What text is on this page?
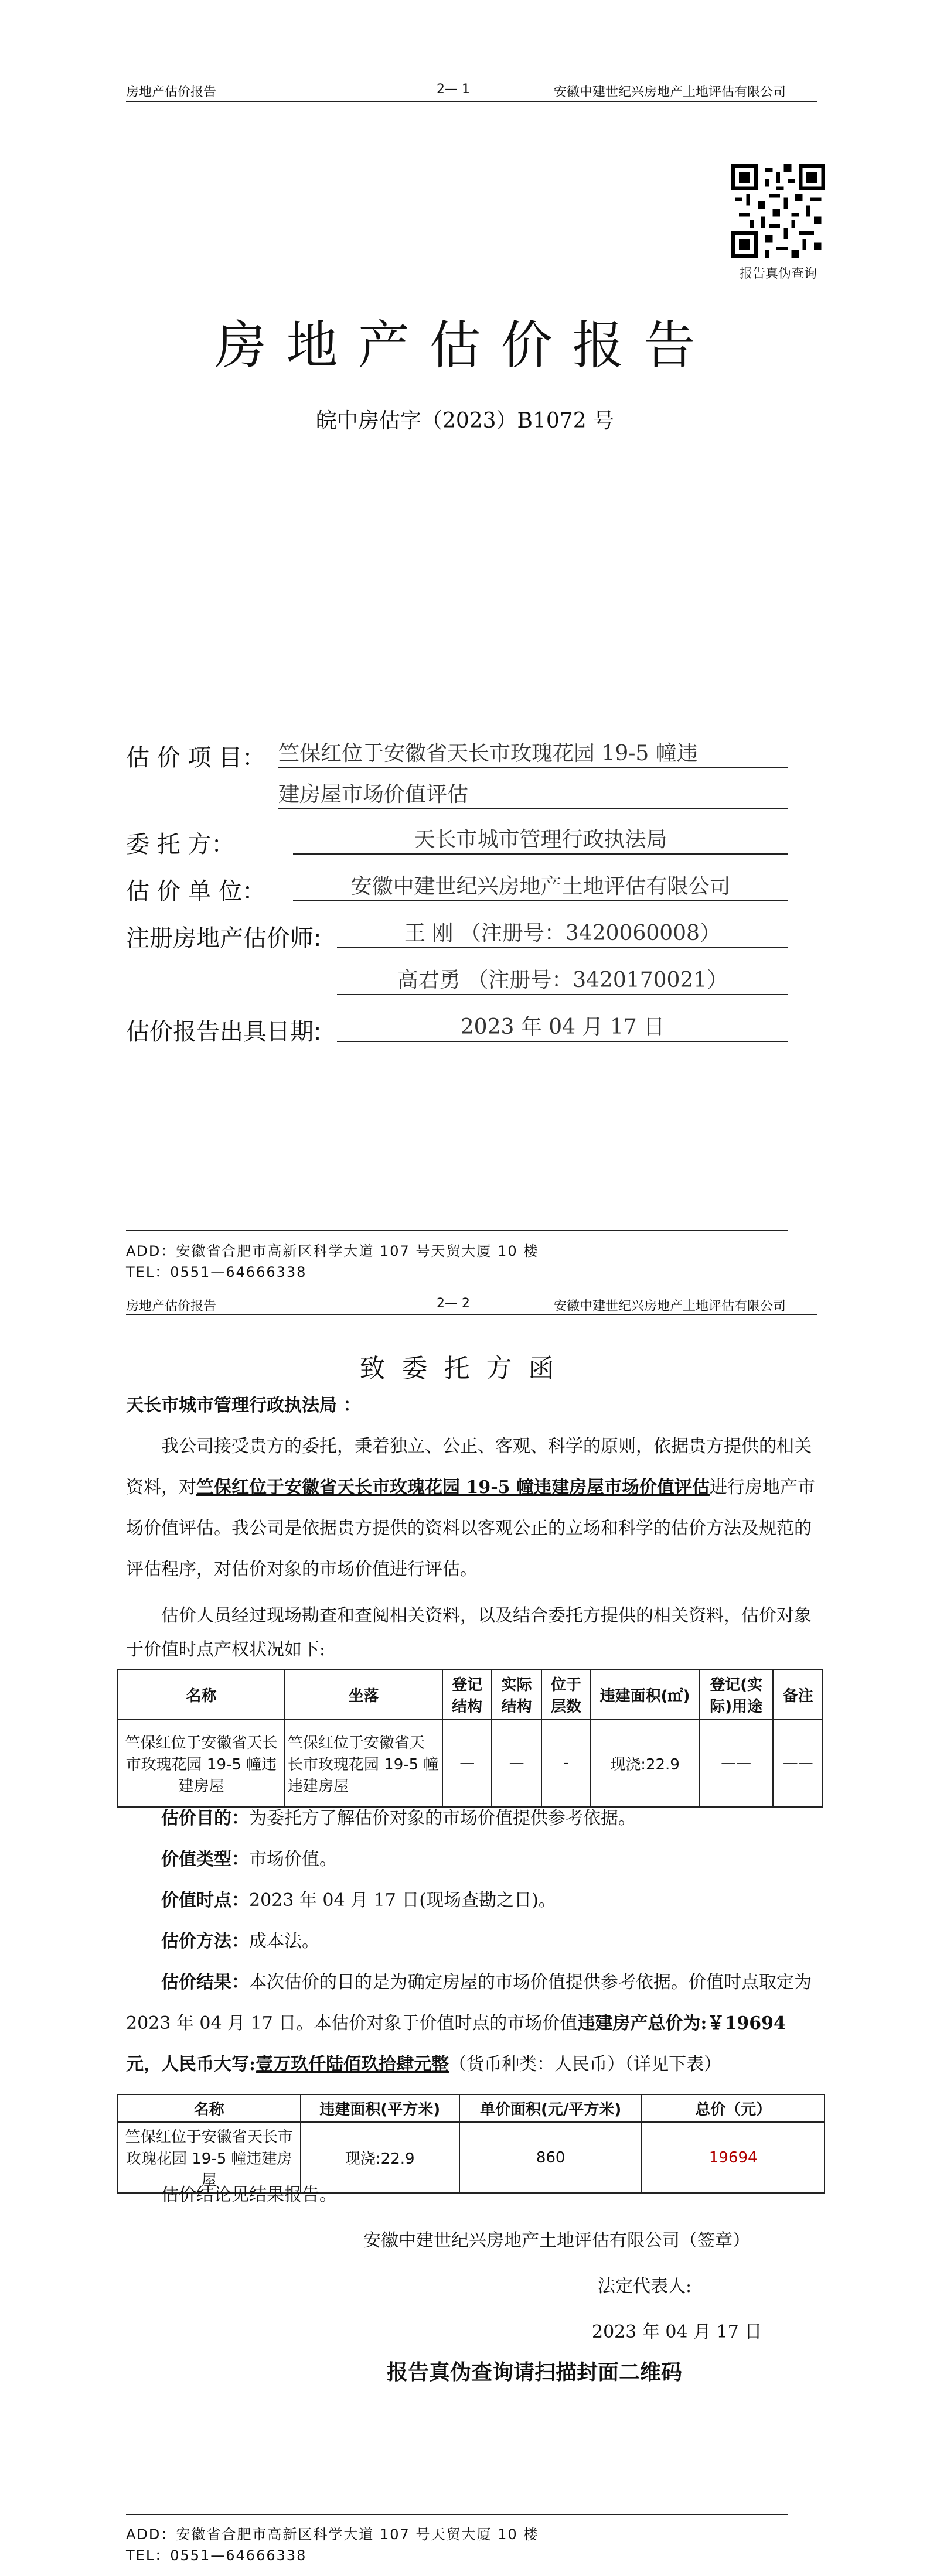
房地产估价报告	2— 1	安徽中建世纪兴房地产土地评估有限公司
报告真伪查询
房地产估价报告
皖中房估字（2023）B1072 号
估 价 项 目： 竺保红位于安徽省天长市玫瑰花园 19-5 幢违
建房屋市场价值评估
委 托 方：	天长市城市管理行政执法局
估 价 单 位：	安徽中建世纪兴房地产土地评估有限公司
注册房地产估价师:	王 刚 （注册号：3420060008）
高君勇 （注册号：3420170021）
估价报告出具日期:	2023 年 04 月 17 日
ADD：安徽省合肥市高新区科学大道 107 号天贸大厦 10 楼
TEL：0551—64666338
房地产估价报告	2— 2	安徽中建世纪兴房地产土地评估有限公司
致委托方函
天长市城市管理行政执法局 ：
我公司接受贵方的委托，秉着独立、公正、客观、科学的原则，依据贵方提供的相关资料，对竺保红位于安徽省天长市玫瑰花园 19-5 幢违建房屋市场价值评估进行房地产市场价值评估。我公司是依据贵方提供的资料以客观公正的立场和科学的估价方法及规范的评估程序，对估价对象的市场价值进行评估。
估价人员经过现场勘查和查阅相关资料，以及结合委托方提供的相关资料，估价对象于价值时点产权状况如下:
名称	坐落	登记结构	实际结构	位于层数	违建面积(㎡)	登记(实际)用途	备注
竺保红位于安徽省天长市玫瑰花园 19-5 幢违建房屋	竺保红位于安徽省天长市玫瑰花园 19-5 幢违建房屋	—	—	-	现浇:22.9	——	——
估价目的：为委托方了解估价对象的市场价值提供参考依据。
价值类型：市场价值。
价值时点：2023 年 04 月 17 日(现场查勘之日)。
估价方法：成本法。
估价结果：本次估价的目的是为确定房屋的市场价值提供参考依据。价值时点取定为 2023 年 04 月 17 日。本估价对象于价值时点的市场价值违建房产总价为:￥19694 元，人民币大写:壹万玖仟陆佰玖拾肆元整（货币种类：人民币）（详见下表）
名称	违建面积(平方米)	单价面积(元/平方米)	总价（元）
竺保红位于安徽省天长市玫瑰花园 19-5 幢违建房屋	现浇:22.9	860	19694
估价结论见结果报告。
安徽中建世纪兴房地产土地评估有限公司（签章）
法定代表人:
2023 年 04 月 17 日
报告真伪查询请扫描封面二维码
ADD：安徽省合肥市高新区科学大道 107 号天贸大厦 10 楼
TEL：0551—64666338
